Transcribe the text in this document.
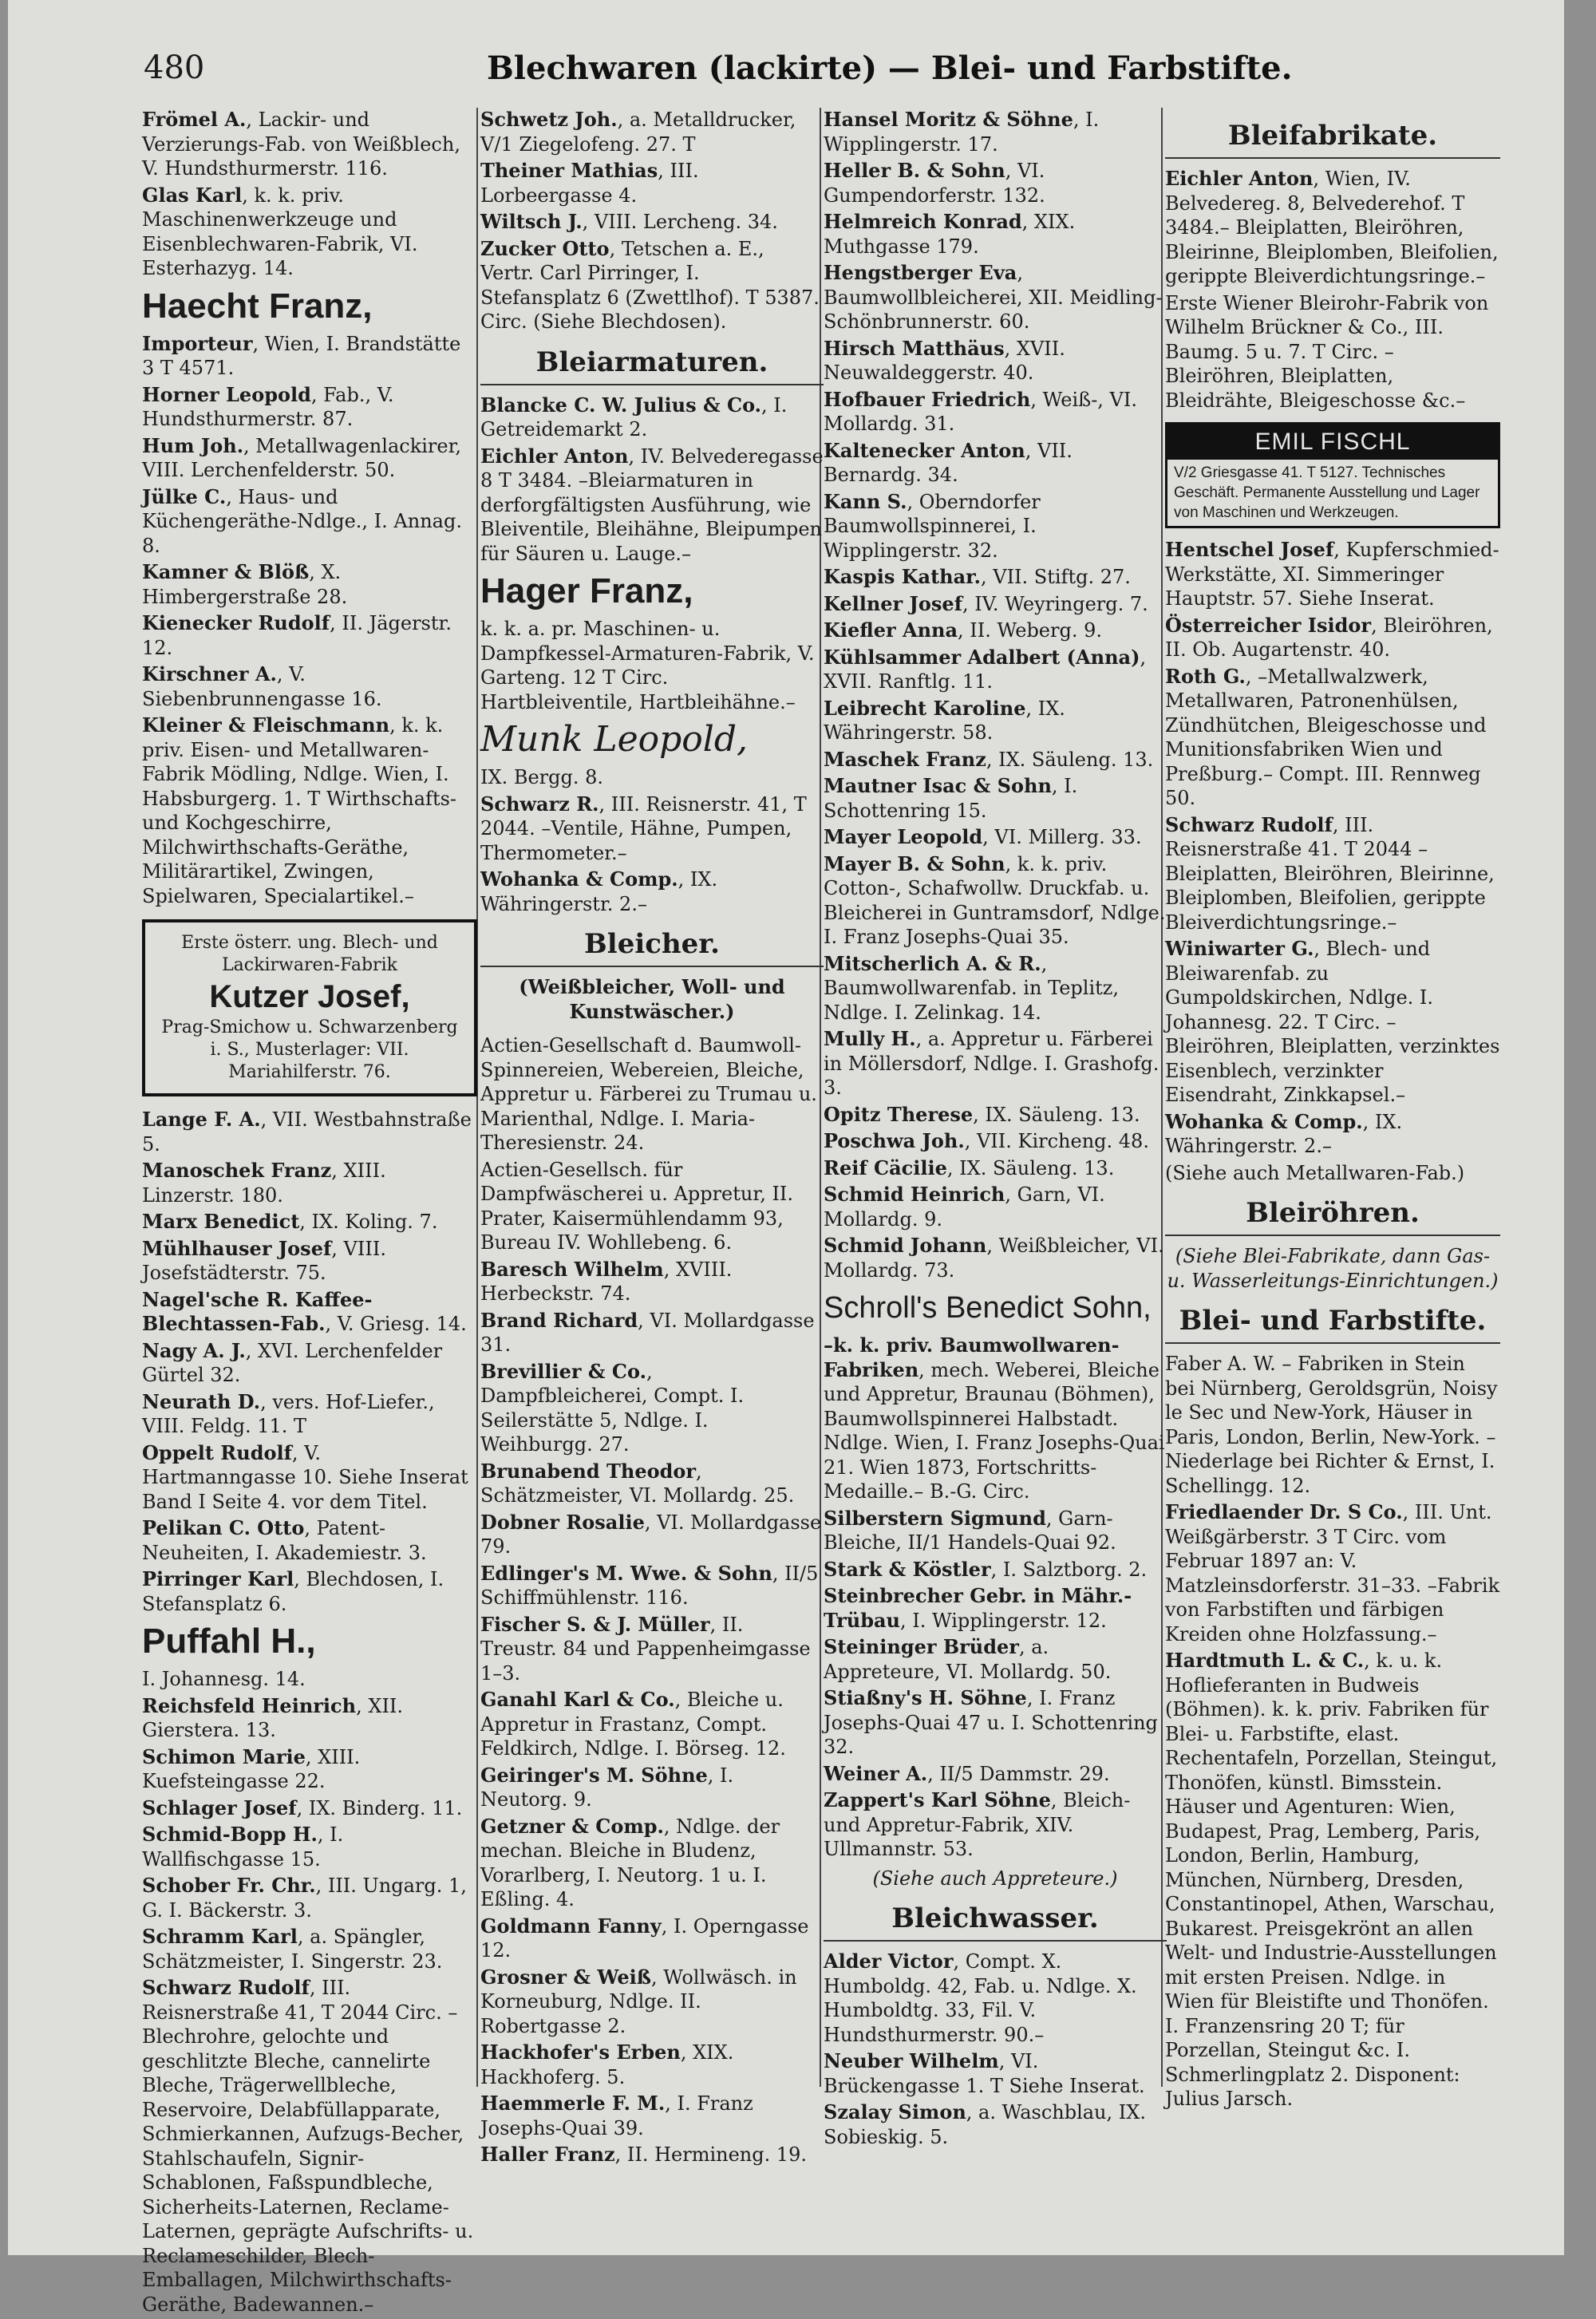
480	Blechwaren (lackirte) — Blei- und Farbstifte.
Frömel A., Lackir- und Verzierungs-Fab. von Weißblech, V. Hundsthurmerstr. 116.
Glas Karl, k. k. priv. Maschinenwerkzeuge und Eisenblechwaren-Fabrik, VI. Esterhazyg. 14.
Haecht Franz,
Importeur, Wien, I. Brandstätte 3 T 4571.
Horner Leopold, Fab., V. Hundsthurmerstr. 87.
Hum Joh., Metallwagenlackirer, VIII. Lerchenfelderstr. 50.
Jülke C., Haus- und Küchengeräthe-Ndlge., I. Annag. 8.
Kamner & Blöß, X. Himbergerstraße 28.
Kienecker Rudolf, II. Jägerstr. 12.
Kirschner A., V. Siebenbrunnengasse 16.
Kleiner & Fleischmann, k. k. priv. Eisen- und Metallwaren-Fabrik Mödling, Ndlge. Wien, I. Habsburgerg. 1. T Wirthschafts- und Kochgeschirre, Milchwirthschafts-Geräthe, Militärartikel, Zwingen, Spielwaren, Specialartikel.–
Erste österr. ung. Blech- und Lackirwaren-Fabrik
Kutzer Josef,
Prag-Smichow u. Schwarzenberg i. S., Musterlager: VII. Mariahilferstr. 76.
Lange F. A., VII. Westbahnstraße 5.
Manoschek Franz, XIII. Linzerstr. 180.
Marx Benedict, IX. Koling. 7.
Mühlhauser Josef, VIII. Josefstädterstr. 75.
Nagel'sche R. Kaffee-Blechtassen-Fab., V. Griesg. 14.
Nagy A. J., XVI. Lerchenfelder Gürtel 32.
Neurath D., vers. Hof-Liefer., VIII. Feldg. 11. T
Oppelt Rudolf, V. Hartmanngasse 10. Siehe Inserat Band I Seite 4. vor dem Titel.
Pelikan C. Otto, Patent-Neuheiten, I. Akademiestr. 3.
Pirringer Karl, Blechdosen, I. Stefansplatz 6.
Puffahl H.,
I. Johannesg. 14.
Reichsfeld Heinrich, XII. Gierstera. 13.
Schimon Marie, XIII. Kuefsteingasse 22.
Schlager Josef, IX. Binderg. 11.
Schmid-Bopp H., I. Wallfischgasse 15.
Schober Fr. Chr., III. Ungarg. 1, G. I. Bäckerstr. 3.
Schramm Karl, a. Spängler, Schätzmeister, I. Singerstr. 23.
Schwarz Rudolf, III. Reisnerstraße 41, T 2044 Circ. –Blechrohre, gelochte und geschlitzte Bleche, cannelirte Bleche, Trägerwellbleche, Reservoire, Delabfüllapparate, Schmierkannen, Aufzugs-Becher, Stahlschaufeln, Signir-Schablonen, Faßspundbleche, Sicherheits-Laternen, Reclame-Laternen, geprägte Aufschrifts- u. Reclameschilder, Blech-Emballagen, Milchwirthschafts-Geräthe, Badewannen.–
Schwetz Joh., a. Metalldrucker, V/1 Ziegelofeng. 27. T
Theiner Mathias, III. Lorbeergasse 4.
Wiltsch J., VIII. Lercheng. 34.
Zucker Otto, Tetschen a. E., Vertr. Carl Pirringer, I. Stefansplatz 6 (Zwettlhof). T 5387. Circ. (Siehe Blechdosen).
Bleiarmaturen.
Blancke C. W. Julius & Co., I. Getreidemarkt 2.
Eichler Anton, IV. Belvederegasse 8 T 3484. –Bleiarmaturen in derforgfältigsten Ausführung, wie Bleiventile, Bleihähne, Bleipumpen für Säuren u. Lauge.–
Hager Franz,
k. k. a. pr. Maschinen- u. Dampfkessel-Armaturen-Fabrik, V. Garteng. 12 T Circ. Hartbleiventile, Hartbleihähne.–
Munk Leopold,
IX. Bergg. 8.
Schwarz R., III. Reisnerstr. 41, T 2044. –Ventile, Hähne, Pumpen, Thermometer.–
Wohanka & Comp., IX. Währingerstr. 2.–
Bleicher.
(Weißbleicher, Woll- und Kunstwäscher.)
Actien-Gesellschaft d. Baumwoll-Spinnereien, Webereien, Bleiche, Appretur u. Färberei zu Trumau u. Marienthal, Ndlge. I. Maria-Theresienstr. 24.
Actien-Gesellsch. für Dampfwäscherei u. Appretur, II. Prater, Kaisermühlendamm 93, Bureau IV. Wohllebeng. 6.
Baresch Wilhelm, XVIII. Herbeckstr. 74.
Brand Richard, VI. Mollardgasse 31.
Brevillier & Co., Dampfbleicherei, Compt. I. Seilerstätte 5, Ndlge. I. Weihburgg. 27.
Brunabend Theodor, Schätzmeister, VI. Mollardg. 25.
Dobner Rosalie, VI. Mollardgasse 79.
Edlinger's M. Wwe. & Sohn, II/5 Schiffmühlenstr. 116.
Fischer S. & J. Müller, II. Treustr. 84 und Pappenheimgasse 1–3.
Ganahl Karl & Co., Bleiche u. Appretur in Frastanz, Compt. Feldkirch, Ndlge. I. Börseg. 12.
Geiringer's M. Söhne, I. Neutorg. 9.
Getzner & Comp., Ndlge. der mechan. Bleiche in Bludenz, Vorarlberg, I. Neutorg. 1 u. I. Eßling. 4.
Goldmann Fanny, I. Operngasse 12.
Grosner & Weiß, Wollwäsch. in Korneuburg, Ndlge. II. Robertgasse 2.
Hackhofer's Erben, XIX. Hackhoferg. 5.
Haemmerle F. M., I. Franz Josephs-Quai 39.
Haller Franz, II. Hermineng. 19.
Hansel Moritz & Söhne, I. Wipplingerstr. 17.
Heller B. & Sohn, VI. Gumpendorferstr. 132.
Helmreich Konrad, XIX. Muthgasse 179.
Hengstberger Eva, Baumwollbleicherei, XII. Meidling-Schönbrunnerstr. 60.
Hirsch Matthäus, XVII. Neuwaldeggerstr. 40.
Hofbauer Friedrich, Weiß-, VI. Mollardg. 31.
Kaltenecker Anton, VII. Bernardg. 34.
Kann S., Oberndorfer Baumwollspinnerei, I. Wipplingerstr. 32.
Kaspis Kathar., VII. Stiftg. 27.
Kellner Josef, IV. Weyringerg. 7.
Kiefler Anna, II. Weberg. 9.
Kühlsammer Adalbert (Anna), XVII. Ranftlg. 11.
Leibrecht Karoline, IX. Währingerstr. 58.
Maschek Franz, IX. Säuleng. 13.
Mautner Isac & Sohn, I. Schottenring 15.
Mayer Leopold, VI. Millerg. 33.
Mayer B. & Sohn, k. k. priv. Cotton-, Schafwollw. Druckfab. u. Bleicherei in Guntramsdorf, Ndlge. I. Franz Josephs-Quai 35.
Mitscherlich A. & R., Baumwollwarenfab. in Teplitz, Ndlge. I. Zelinkag. 14.
Mully H., a. Appretur u. Färberei in Möllersdorf, Ndlge. I. Grashofg. 3.
Opitz Therese, IX. Säuleng. 13.
Poschwa Joh., VII. Kircheng. 48.
Reif Cäcilie, IX. Säuleng. 13.
Schmid Heinrich, Garn, VI. Mollardg. 9.
Schmid Johann, Weißbleicher, VI. Mollardg. 73.
Schroll's Benedict Sohn,
–k. k. priv. Baumwollwaren-Fabriken, mech. Weberei, Bleiche und Appretur, Braunau (Böhmen), Baumwollspinnerei Halbstadt. Ndlge. Wien, I. Franz Josephs-Quai 21. Wien 1873, Fortschritts-Medaille.– B.-G. Circ.
Silberstern Sigmund, Garn-Bleiche, II/1 Handels-Quai 92.
Stark & Köstler, I. Salztborg. 2.
Steinbrecher Gebr. in Mähr.-Trübau, I. Wipplingerstr. 12.
Steininger Brüder, a. Appreteure, VI. Mollardg. 50.
Stiaßny's H. Söhne, I. Franz Josephs-Quai 47 u. I. Schottenring 32.
Weiner A., II/5 Dammstr. 29.
Zappert's Karl Söhne, Bleich- und Appretur-Fabrik, XIV. Ullmannstr. 53.
(Siehe auch Appreteure.)
Bleichwasser.
Alder Victor, Compt. X. Humboldg. 42, Fab. u. Ndlge. X. Humboldtg. 33, Fil. V. Hundsthurmerstr. 90.–
Neuber Wilhelm, VI. Brückengasse 1. T Siehe Inserat.
Szalay Simon, a. Waschblau, IX. Sobieskig. 5.
Bleifabrikate.
Eichler Anton, Wien, IV. Belvedereg. 8, Belvederehof. T 3484.– Bleiplatten, Bleiröhren, Bleirinne, Bleiplomben, Bleifolien, gerippte Bleiverdichtungsringe.–
Erste Wiener Bleirohr-Fabrik von Wilhelm Brückner & Co., III. Baumg. 5 u. 7. T Circ. –Bleiröhren, Bleiplatten, Bleidrähte, Bleigeschosse &c.–
EMIL FISCHL
V/2 Griesgasse 41. T 5127. Technisches Geschäft. Permanente Ausstellung und Lager von Maschinen und Werkzeugen.
Hentschel Josef, Kupferschmied-Werkstätte, XI. Simmeringer Hauptstr. 57. Siehe Inserat.
Österreicher Isidor, Bleiröhren, II. Ob. Augartenstr. 40.
Roth G., –Metallwalzwerk, Metallwaren, Patronenhülsen, Zündhütchen, Bleigeschosse und Munitionsfabriken Wien und Preßburg.– Compt. III. Rennweg 50.
Schwarz Rudolf, III. Reisnerstraße 41. T 2044 –Bleiplatten, Bleiröhren, Bleirinne, Bleiplomben, Bleifolien, gerippte Bleiverdichtungsringe.–
Winiwarter G., Blech- und Bleiwarenfab. zu Gumpoldskirchen, Ndlge. I. Johannesg. 22. T Circ. –Bleiröhren, Bleiplatten, verzinktes Eisenblech, verzinkter Eisendraht, Zinkkapsel.–
Wohanka & Comp., IX. Währingerstr. 2.–
(Siehe auch Metallwaren-Fab.)
Bleiröhren.
(Siehe Blei-Fabrikate, dann Gas- u. Wasserleitungs-Einrichtungen.)
Blei- und Farbstifte.
Faber A. W. – Fabriken in Stein bei Nürnberg, Geroldsgrün, Noisy le Sec und New-York, Häuser in Paris, London, Berlin, New-York. – Niederlage bei Richter & Ernst, I. Schellingg. 12.
Friedlaender Dr. S Co., III. Unt. Weißgärberstr. 3 T Circ. vom Februar 1897 an: V. Matzleinsdorferstr. 31–33. –Fabrik von Farbstiften und färbigen Kreiden ohne Holzfassung.–
Hardtmuth L. & C., k. u. k. Hoflieferanten in Budweis (Böhmen). k. k. priv. Fabriken für Blei- u. Farbstifte, elast. Rechentafeln, Porzellan, Steingut, Thonöfen, künstl. Bimsstein. Häuser und Agenturen: Wien, Budapest, Prag, Lemberg, Paris, London, Berlin, Hamburg, München, Nürnberg, Dresden, Constantinopel, Athen, Warschau, Bukarest. Preisgekrönt an allen Welt- und Industrie-Ausstellungen mit ersten Preisen. Ndlge. in Wien für Bleistifte und Thonöfen. I. Franzensring 20 T; für Porzellan, Steingut &c. I. Schmerlingplatz 2. Disponent: Julius Jarsch.
